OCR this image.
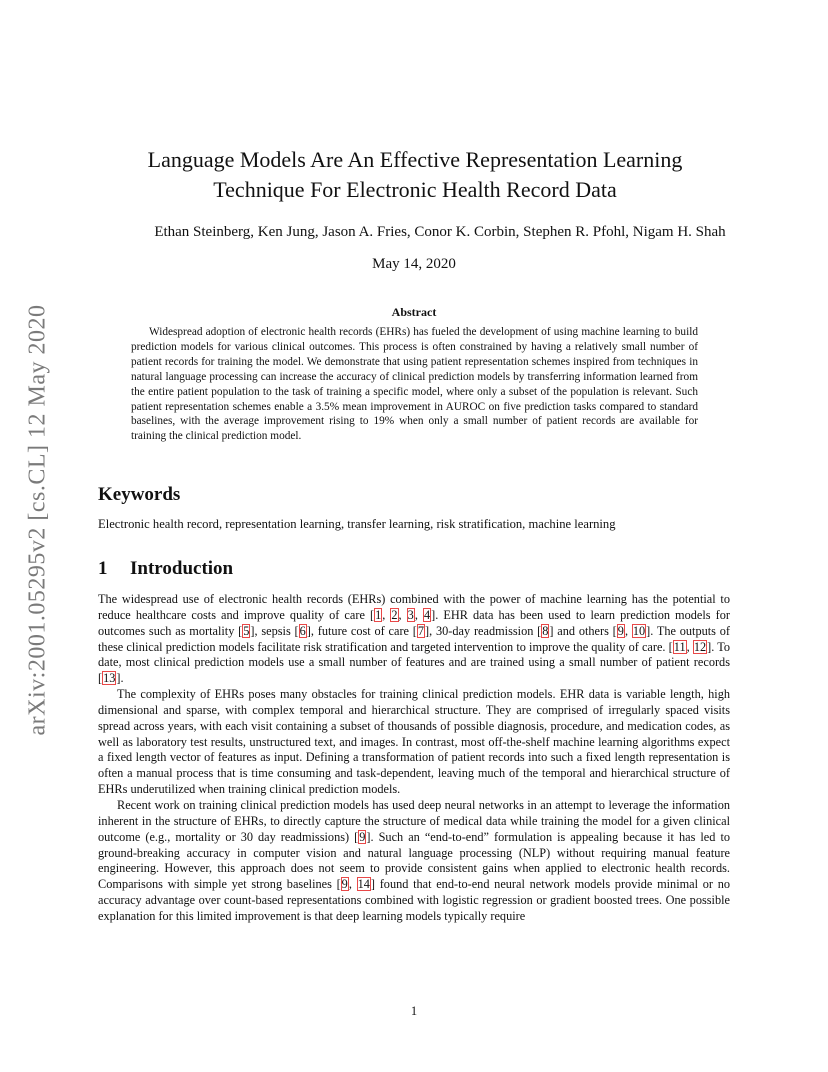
arXiv:2001.05295v2 [cs.CL] 12 May 2020
Language Models Are An Effective Representation Learning
Technique For Electronic Health Record Data
Ethan Steinberg, Ken Jung, Jason A. Fries, Conor K. Corbin, Stephen R. Pfohl, Nigam H. Shah
May 14, 2020
Abstract
Widespread adoption of electronic health records (EHRs) has fueled the development of using machine learning to build prediction models for various clinical outcomes. This process is often constrained by having a relatively small number of patient records for training the model. We demonstrate that using patient representation schemes inspired from techniques in natural language processing can increase the accuracy of clinical prediction models by transferring information learned from the entire patient population to the task of training a specific model, where only a subset of the population is relevant. Such patient representation schemes enable a 3.5% mean improvement in AUROC on five prediction tasks compared to standard baselines, with the average improvement rising to 19% when only a small number of patient records are available for training the clinical prediction model.
Keywords
Electronic health record, representation learning, transfer learning, risk stratification, machine learning
1 Introduction

The widespread use of electronic health records (EHRs) combined with the power of machine learning has the potential to reduce healthcare costs and improve quality of care [1, 2, 3, 4]. EHR data has been used to learn prediction models for outcomes such as mortality [5], sepsis [6], future cost of care [7], 30-day readmission [8] and others [9, 10]. The outputs of these clinical prediction models facilitate risk stratification and targeted intervention to improve the quality of care. [11, 12]. To date, most clinical prediction models use a small number of features and are trained using a small number of patient records [13].

The complexity of EHRs poses many obstacles for training clinical prediction models. EHR data is variable length, high dimensional and sparse, with complex temporal and hierarchical structure. They are comprised of irregularly spaced visits spread across years, with each visit containing a subset of thousands of possible diagnosis, procedure, and medication codes, as well as laboratory test results, unstructured text, and images. In contrast, most off-the-shelf machine learning algorithms expect a fixed length vector of features as input. Defining a transformation of patient records into such a fixed length representation is often a manual process that is time consuming and task-dependent, leaving much of the temporal and hierarchical structure of EHRs underutilized when training clinical prediction models.

Recent work on training clinical prediction models has used deep neural networks in an attempt to leverage the information inherent in the structure of EHRs, to directly capture the structure of medical data while training the model for a given clinical outcome (e.g., mortality or 30 day readmissions) [9]. Such an “end-to-end” formulation is appealing because it has led to ground-breaking accuracy in computer vision and natural language processing (NLP) without requiring manual feature engineering. However, this approach does not seem to provide consistent gains when applied to electronic health records. Comparisons with simple yet strong baselines [9, 14] found that end-to-end neural network models provide minimal or no accuracy advantage over count-based representations combined with logistic regression or gradient boosted trees. One possible explanation for this limited improvement is that deep learning models typically require

1
